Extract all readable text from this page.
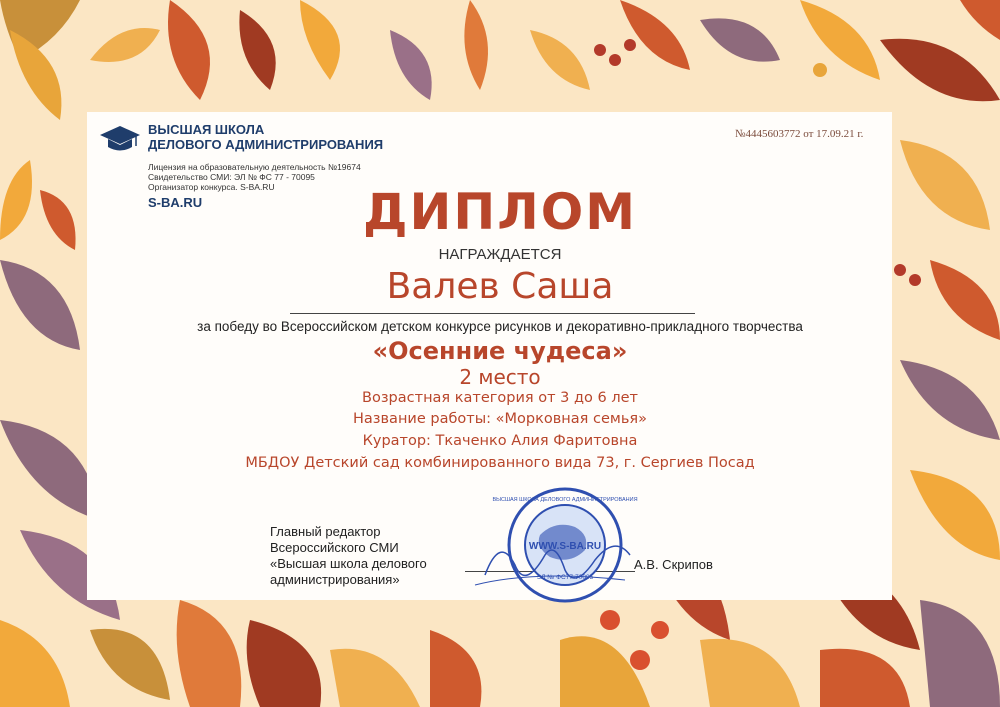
ВЫСШАЯ ШКОЛА
ДЕЛОВОГО АДМИНИСТРИРОВАНИЯ
Лицензия на образовательную деятельность №19674
Свидетельство СМИ: ЭЛ № ФС 77 - 70095
Организатор конкурса. S-BA.RU
S-BA.RU
№4445603772 от 17.09.21 г.
ДИПЛОМ
НАГРАЖДАЕТСЯ
Валев Саша
за победу во Всероссийском детском конкурсе рисунков и декоративно-прикладного творчества
«Осенние чудеса»
2 место
Возрастная категория от 3 до 6 лет
Название работы: «Морковная семья»
Куратор: Ткаченко Алия Фаритовна
МБДОУ Детский сад комбинированного вида 73, г. Сергиев Посад
Главный редактор
Всероссийского СМИ
«Высшая школа делового
администрирования»
А.В. Скрипов
WWW.S-BA.RU
ЭЛ № ФС77-70095
ВЫСШАЯ ШКОЛА ДЕЛОВОГО АДМИНИСТРИРОВАНИЯ
